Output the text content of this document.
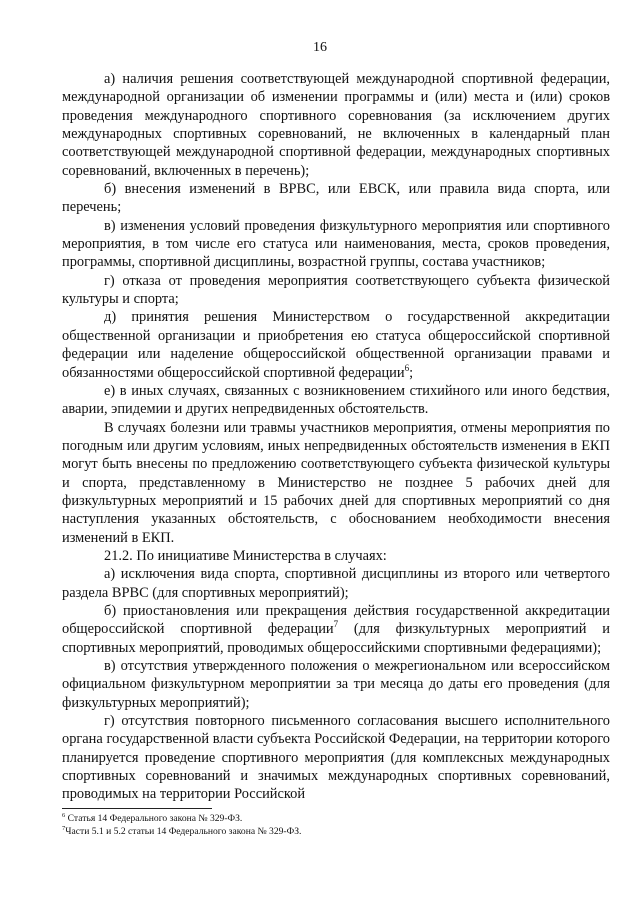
16

а) наличия решения соответствующей международной спортивной федерации, международной организации об изменении программы и (или) места и (или) сроков проведения международного спортивного соревнования (за исключением других международных спортивных соревнований, не включенных в календарный план соответствующей международной спортивной федерации, международных спортивных соревнований, включенных в перечень);

б) внесения изменений в ВРВС, или ЕВСК, или правила вида спорта, или перечень;

в) изменения условий проведения физкультурного мероприятия или спортивного мероприятия, в том числе его статуса или наименования, места, сроков проведения, программы, спортивной дисциплины, возрастной группы, состава участников;

г) отказа от проведения мероприятия соответствующего субъекта физической культуры и спорта;

д) принятия решения Министерством о государственной аккредитации общественной организации и приобретения ею статуса общероссийской спортивной федерации или наделение общероссийской общественной организации правами и обязанностями общероссийской спортивной федерации$^6$;

е) в иных случаях, связанных с возникновением стихийного или иного бедствия, аварии, эпидемии и других непредвиденных обстоятельств.

В случаях болезни или травмы участников мероприятия, отмены мероприятия по погодным или другим условиям, иных непредвиденных обстоятельств изменения в ЕКП могут быть внесены по предложению соответствующего субъекта физической культуры и спорта, представленному в Министерство не позднее 5 рабочих дней для физкультурных мероприятий и 15 рабочих дней для спортивных мероприятий со дня наступления указанных обстоятельств, с обоснованием необходимости внесения изменений в ЕКП.

21.2. По инициативе Министерства в случаях:

а) исключения вида спорта, спортивной дисциплины из второго или четвертого раздела ВРВС (для спортивных мероприятий);

б) приостановления или прекращения действия государственной аккредитации общероссийской спортивной федерации$^7$ (для физкультурных мероприятий и спортивных мероприятий, проводимых общероссийскими спортивными федерациями);

в) отсутствия утвержденного положения о межрегиональном или всероссийском официальном физкультурном мероприятии за три месяца до даты его проведения (для физкультурных мероприятий);

г) отсутствия повторного письменного согласования высшего исполнительного органа государственной власти субъекта Российской Федерации, на территории которого планируется проведение спортивного мероприятия (для комплексных международных спортивных соревнований и значимых международных спортивных соревнований, проводимых на территории Российской

$^6$ Статья 14 Федерального закона № 329-ФЗ.

$^7$Части 5.1 и 5.2 статьи 14 Федерального закона № 329-ФЗ.
